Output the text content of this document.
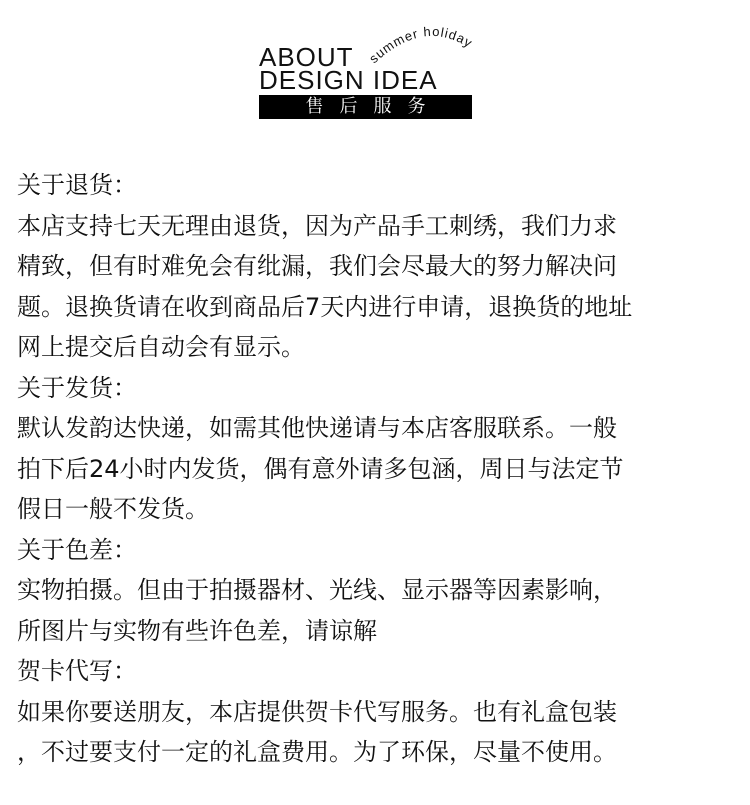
summer holiday
ABOUT
DESIGN IDEA
售后服务
关于退货：
本店支持七天无理由退货，因为产品手工刺绣，我们力求
精致，但有时难免会有纰漏，我们会尽最大的努力解决问
题。退换货请在收到商品后7天内进行申请，退换货的地址
网上提交后自动会有显示。
关于发货：
默认发韵达快递，如需其他快递请与本店客服联系。一般
拍下后24小时内发货，偶有意外请多包涵，周日与法定节
假日一般不发货。
关于色差：
实物拍摄。但由于拍摄器材、光线、显示器等因素影响，
所图片与实物有些许色差，请谅解
贺卡代写：
如果你要送朋友，本店提供贺卡代写服务。也有礼盒包装
，不过要支付一定的礼盒费用。为了环保，尽量不使用。
